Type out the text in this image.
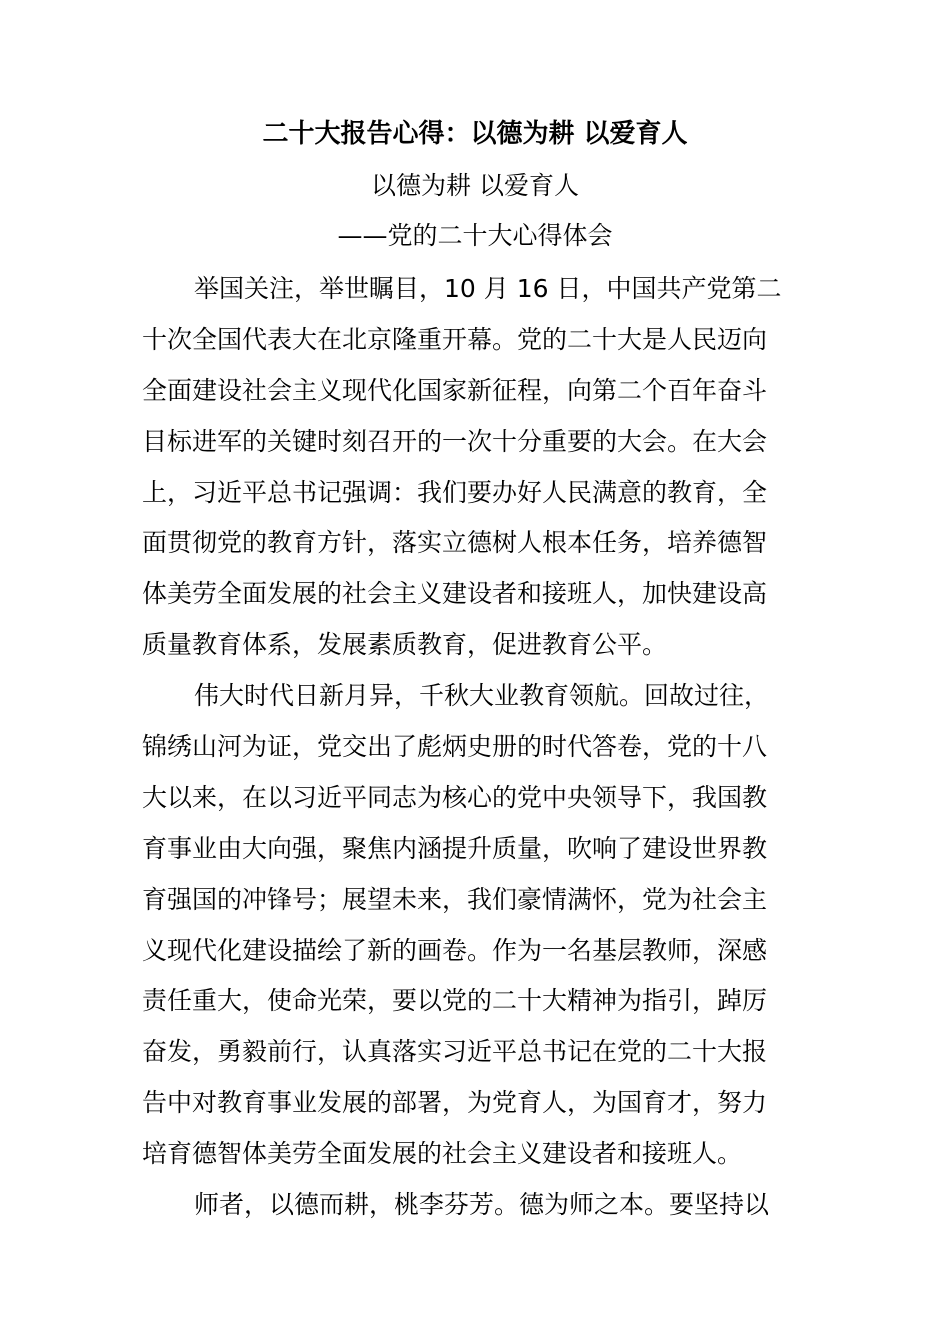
二十大报告心得：以德为耕 以爱育人
以德为耕 以爱育人
——党的二十大心得体会
举国关注，举世瞩目，10 月 16 日，中国共产党第二
十次全国代表大在北京隆重开幕。党的二十大是人民迈向
全面建设社会主义现代化国家新征程，向第二个百年奋斗
目标进军的关键时刻召开的一次十分重要的大会。在大会
上，习近平总书记强调：我们要办好人民满意的教育，全
面贯彻党的教育方针，落实立德树人根本任务，培养德智
体美劳全面发展的社会主义建设者和接班人，加快建设高
质量教育体系，发展素质教育，促进教育公平。
伟大时代日新月异，千秋大业教育领航。回故过往，
锦绣山河为证，党交出了彪炳史册的时代答卷，党的十八
大以来，在以习近平同志为核心的党中央领导下，我国教
育事业由大向强，聚焦内涵提升质量，吹响了建设世界教
育强国的冲锋号；展望未来，我们豪情满怀，党为社会主
义现代化建设描绘了新的画卷。作为一名基层教师，深感
责任重大，使命光荣，要以党的二十大精神为指引，踔厉
奋发，勇毅前行，认真落实习近平总书记在党的二十大报
告中对教育事业发展的部署，为党育人，为国育才，努力
培育德智体美劳全面发展的社会主义建设者和接班人。
师者，以德而耕，桃李芬芳。德为师之本。要坚持以
